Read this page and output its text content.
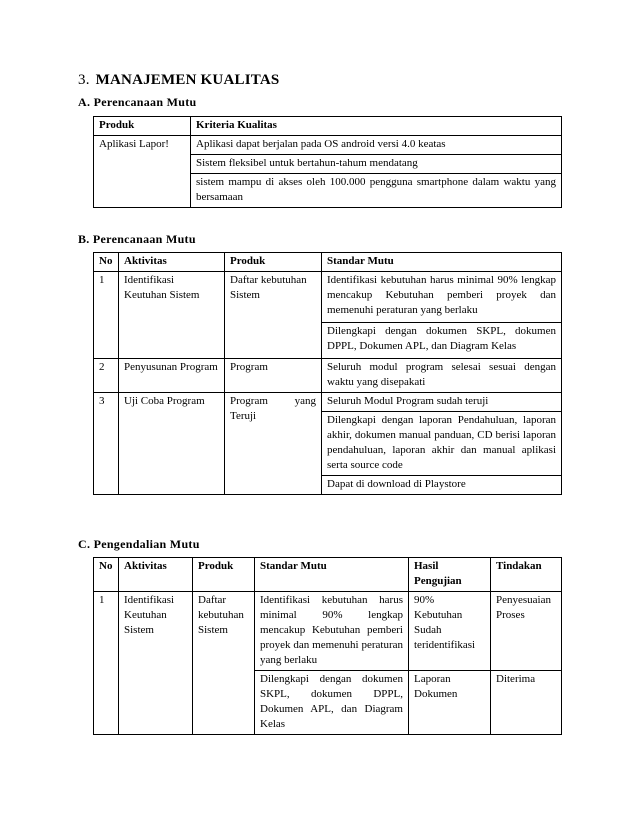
3. MANAJEMEN KUALITAS
A. Perencanaan Mutu
Produk	Kriteria Kualitas
Aplikasi Lapor!	Aplikasi dapat berjalan pada OS android versi 4.0 keatas
	Sistem fleksibel untuk bertahun-tahum mendatang
	sistem mampu di akses oleh 100.000 pengguna smartphone dalam waktu yang bersamaan
B. Perencanaan Mutu
No	Aktivitas	Produk	Standar Mutu
1	Identifikasi Keutuhan Sistem	Daftar kebutuhan Sistem	Identifikasi kebutuhan harus minimal 90% lengkap mencakup Kebutuhan pemberi proyek dan memenuhi peraturan yang berlaku
			Dilengkapi dengan dokumen SKPL, dokumen DPPL, Dokumen APL, dan Diagram Kelas
2	Penyusunan Program	Program	Seluruh modul program selesai sesuai dengan waktu yang disepakati
3	Uji Coba Program	Program yang Teruji	Seluruh Modul Program sudah teruji
			Dilengkapi dengan laporan Pendahuluan, laporan akhir, dokumen manual panduan, CD berisi laporan pendahuluan, laporan akhir dan manual aplikasi serta source code
			Dapat di download di Playstore
C. Pengendalian Mutu
No	Aktivitas	Produk	Standar Mutu	Hasil Pengujian	Tindakan
1	Identifikasi Keutuhan Sistem	Daftar kebutuhan Sistem	Identifikasi kebutuhan harus minimal 90% lengkap mencakup Kebutuhan pemberi proyek dan memenuhi peraturan yang berlaku	90% Kebutuhan Sudah teridentifikasi	Penyesuaian Proses
			Dilengkapi dengan dokumen SKPL, dokumen DPPL, Dokumen APL, dan Diagram Kelas	Laporan Dokumen	Diterima
